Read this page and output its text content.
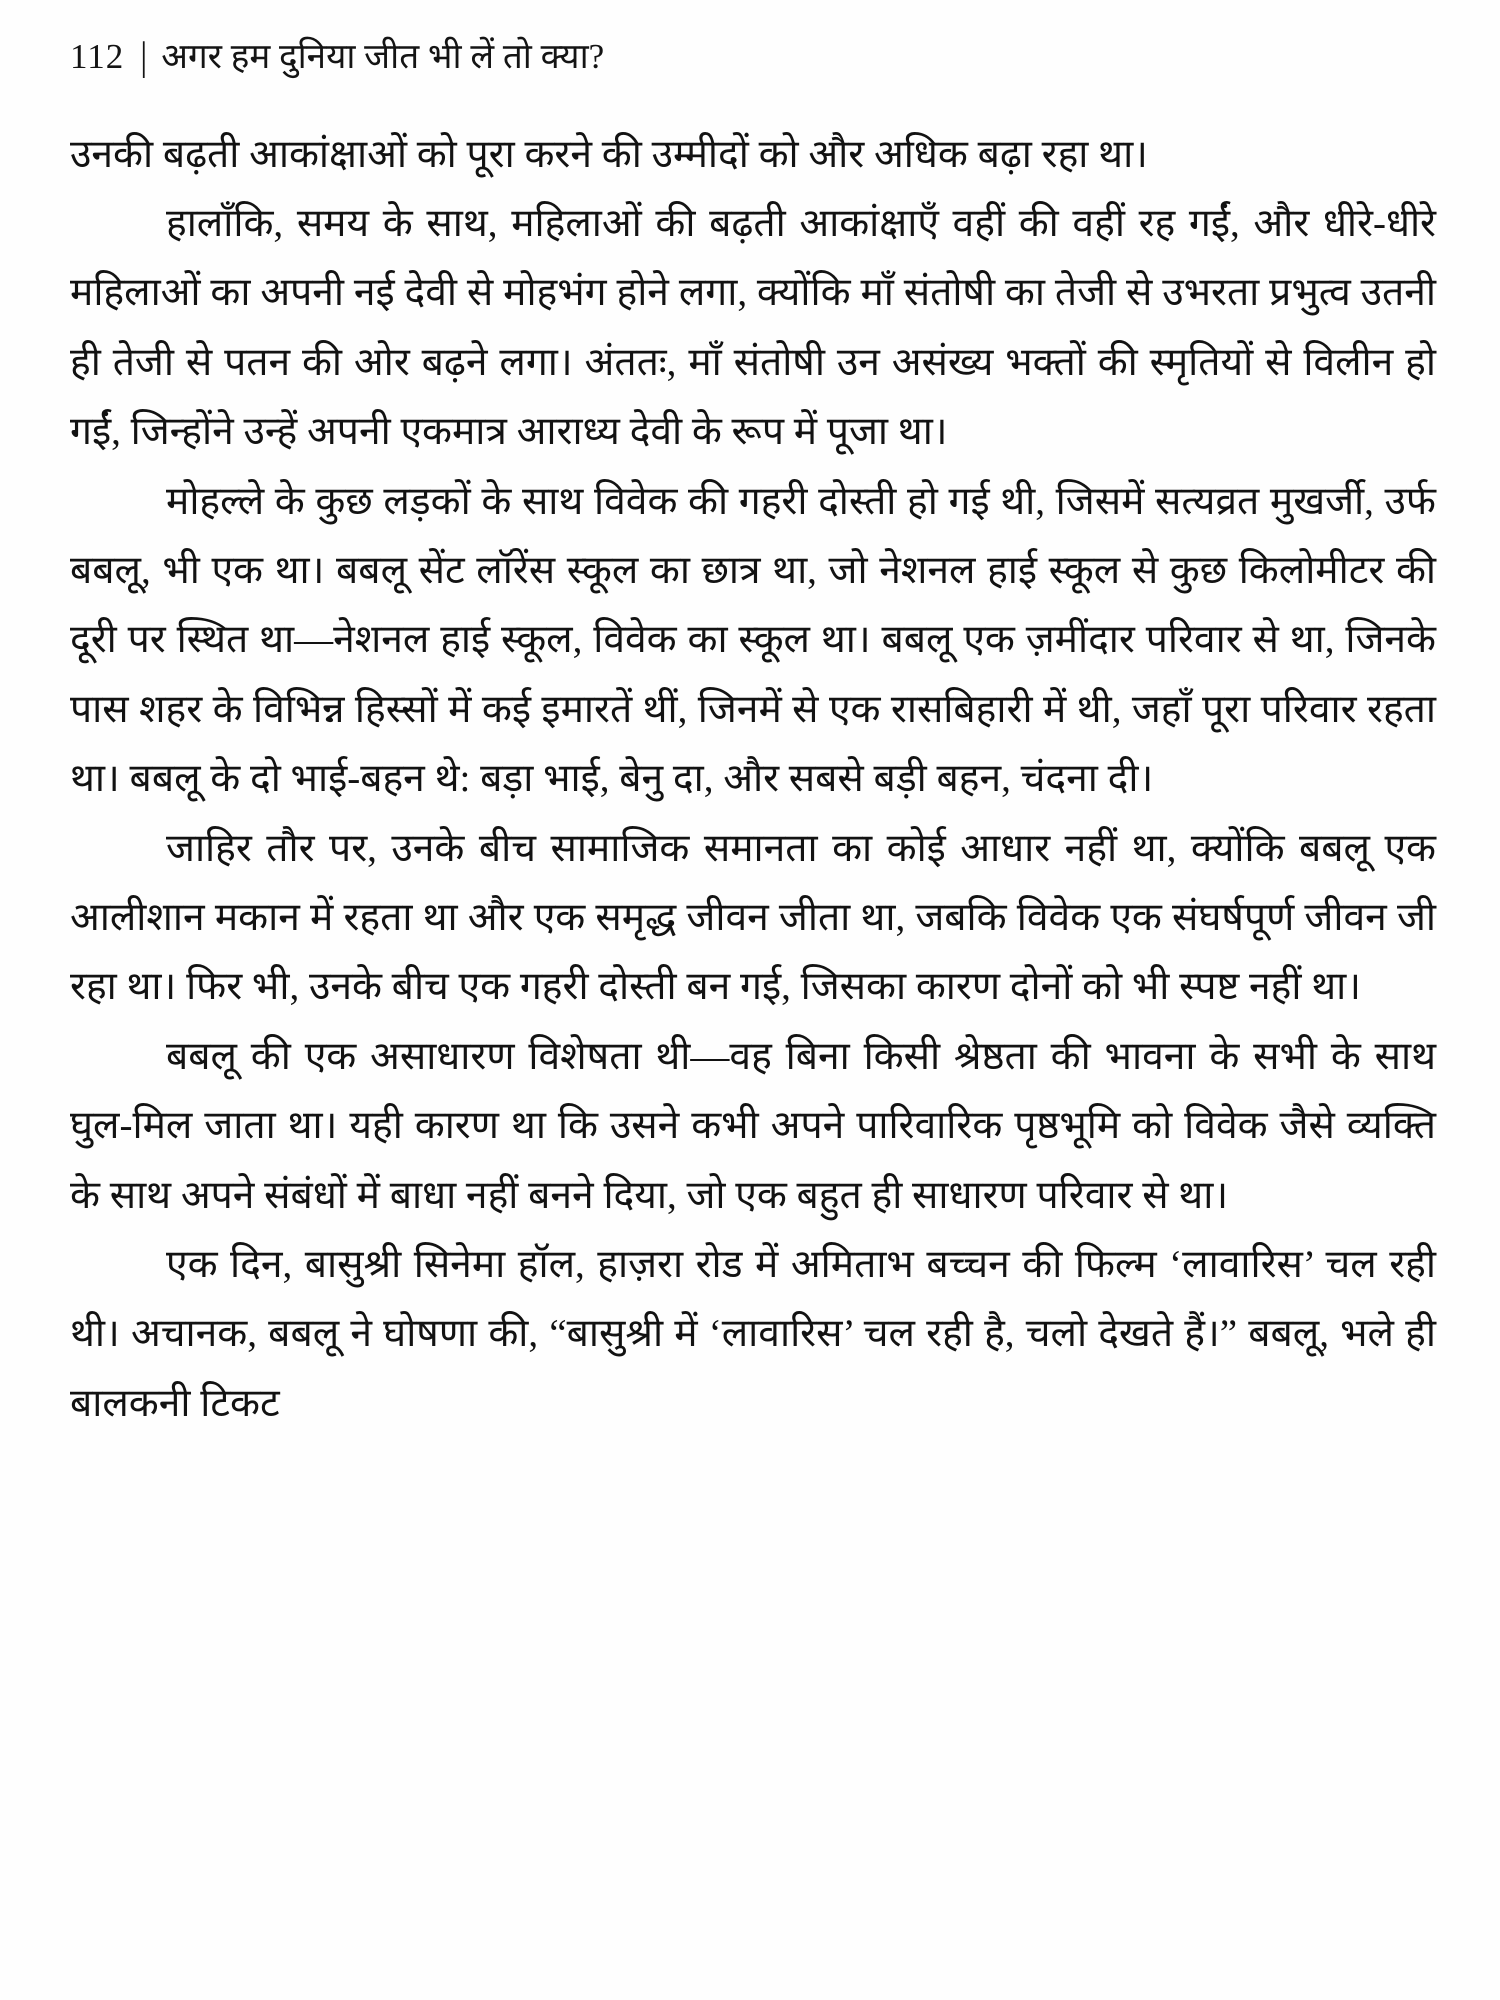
112 | अगर हम दुनिया जीत भी लें तो क्या?

उनकी बढ़ती आकांक्षाओं को पूरा करने की उम्मीदों को और अधिक बढ़ा रहा था।

हालाँकि, समय के साथ, महिलाओं की बढ़ती आकांक्षाएँ वहीं की वहीं रह गईं, और धीरे-धीरे महिलाओं का अपनी नई देवी से मोहभंग होने लगा, क्योंकि माँ संतोषी का तेजी से उभरता प्रभुत्व उतनी ही तेजी से पतन की ओर बढ़ने लगा। अंततः, माँ संतोषी उन असंख्य भक्तों की स्मृतियों से विलीन हो गईं, जिन्होंने उन्हें अपनी एकमात्र आराध्य देवी के रूप में पूजा था।

मोहल्ले के कुछ लड़कों के साथ विवेक की गहरी दोस्ती हो गई थी, जिसमें सत्यव्रत मुखर्जी, उर्फ बबलू, भी एक था। बबलू सेंट लॉरेंस स्कूल का छात्र था, जो नेशनल हाई स्कूल से कुछ किलोमीटर की दूरी पर स्थित था—नेशनल हाई स्कूल, विवेक का स्कूल था। बबलू एक ज़मींदार परिवार से था, जिनके पास शहर के विभिन्न हिस्सों में कई इमारतें थीं, जिनमें से एक रासबिहारी में थी, जहाँ पूरा परिवार रहता था। बबलू के दो भाई-बहन थे: बड़ा भाई, बेनु दा, और सबसे बड़ी बहन, चंदना दी।

जाहिर तौर पर, उनके बीच सामाजिक समानता का कोई आधार नहीं था, क्योंकि बबलू एक आलीशान मकान में रहता था और एक समृद्ध जीवन जीता था, जबकि विवेक एक संघर्षपूर्ण जीवन जी रहा था। फिर भी, उनके बीच एक गहरी दोस्ती बन गई, जिसका कारण दोनों को भी स्पष्ट नहीं था।

बबलू की एक असाधारण विशेषता थी—वह बिना किसी श्रेष्ठता की भावना के सभी के साथ घुल-मिल जाता था। यही कारण था कि उसने कभी अपने पारिवारिक पृष्ठभूमि को विवेक जैसे व्यक्ति के साथ अपने संबंधों में बाधा नहीं बनने दिया, जो एक बहुत ही साधारण परिवार से था।

एक दिन, बासुश्री सिनेमा हॉल, हाज़रा रोड में अमिताभ बच्चन की फिल्म ‘लावारिस’ चल रही थी। अचानक, बबलू ने घोषणा की, “बासुश्री में ‘लावारिस’ चल रही है, चलो देखते हैं।” बबलू, भले ही बालकनी टिकट
